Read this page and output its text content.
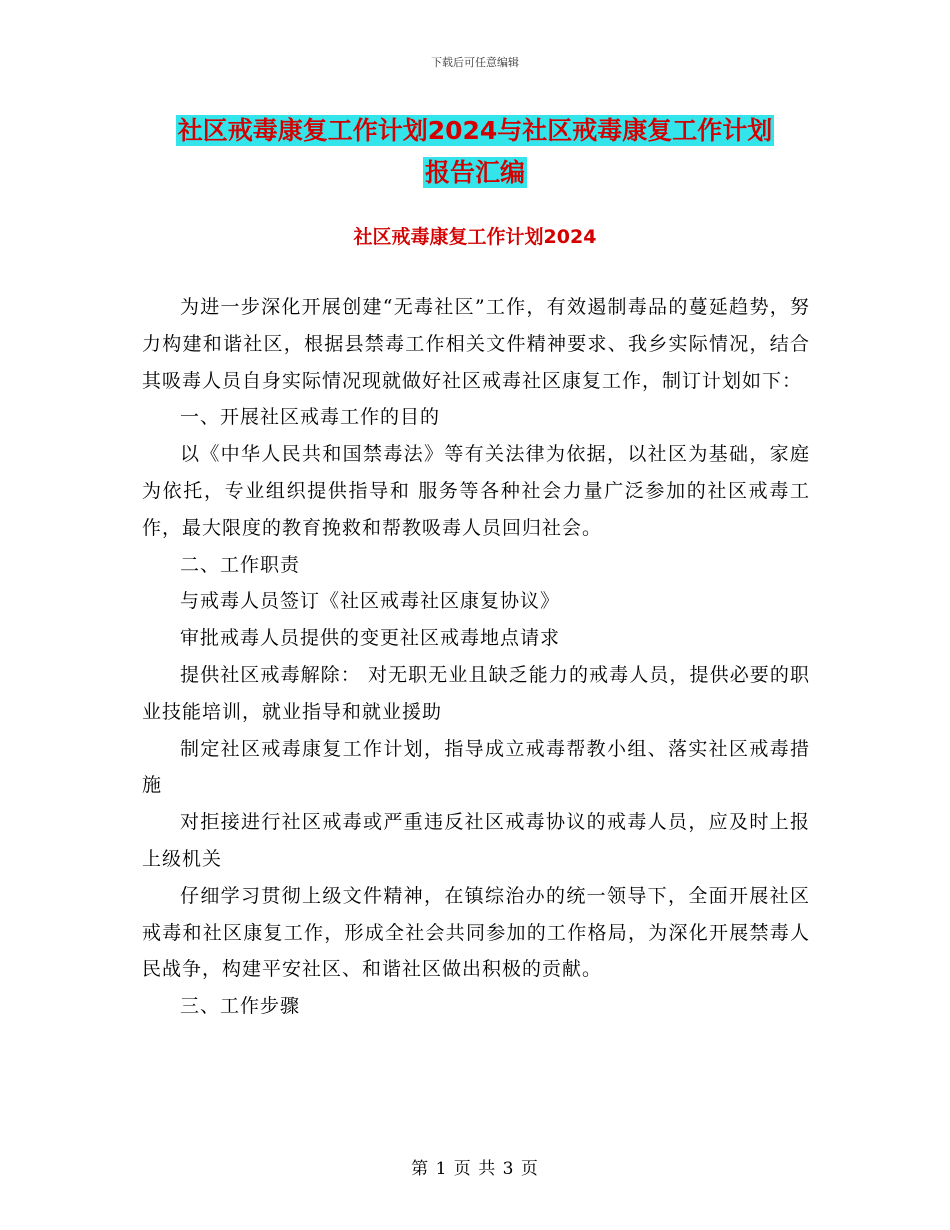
下载后可任意编辑
社区戒毒康复工作计划2024与社区戒毒康复工作计划
报告汇编
社区戒毒康复工作计划2024

为进一步深化开展创建“无毒社区”工作，有效遏制毒品的蔓延趋势，努力构建和谐社区，根据县禁毒工作相关文件精神要求、我乡实际情况，结合其吸毒人员自身实际情况现就做好社区戒毒社区康复工作，制订计划如下：

一、开展社区戒毒工作的目的

以《中华人民共和国禁毒法》等有关法律为依据，以社区为基础，家庭为依托，专业组织提供指导和 服务等各种社会力量广泛参加的社区戒毒工作，最大限度的教育挽救和帮教吸毒人员回归社会。

二、工作职责

与戒毒人员签订《社区戒毒社区康复协议》

审批戒毒人员提供的变更社区戒毒地点请求

提供社区戒毒解除： 对无职无业且缺乏能力的戒毒人员，提供必要的职业技能培训，就业指导和就业援助

制定社区戒毒康复工作计划，指导成立戒毒帮教小组、落实社区戒毒措施

对拒接进行社区戒毒或严重违反社区戒毒协议的戒毒人员，应及时上报上级机关

仔细学习贯彻上级文件精神，在镇综治办的统一领导下，全面开展社区戒毒和社区康复工作，形成全社会共同参加的工作格局，为深化开展禁毒人民战争，构建平安社区、和谐社区做出积极的贡献。

三、工作步骤

第 1 页 共 3 页
